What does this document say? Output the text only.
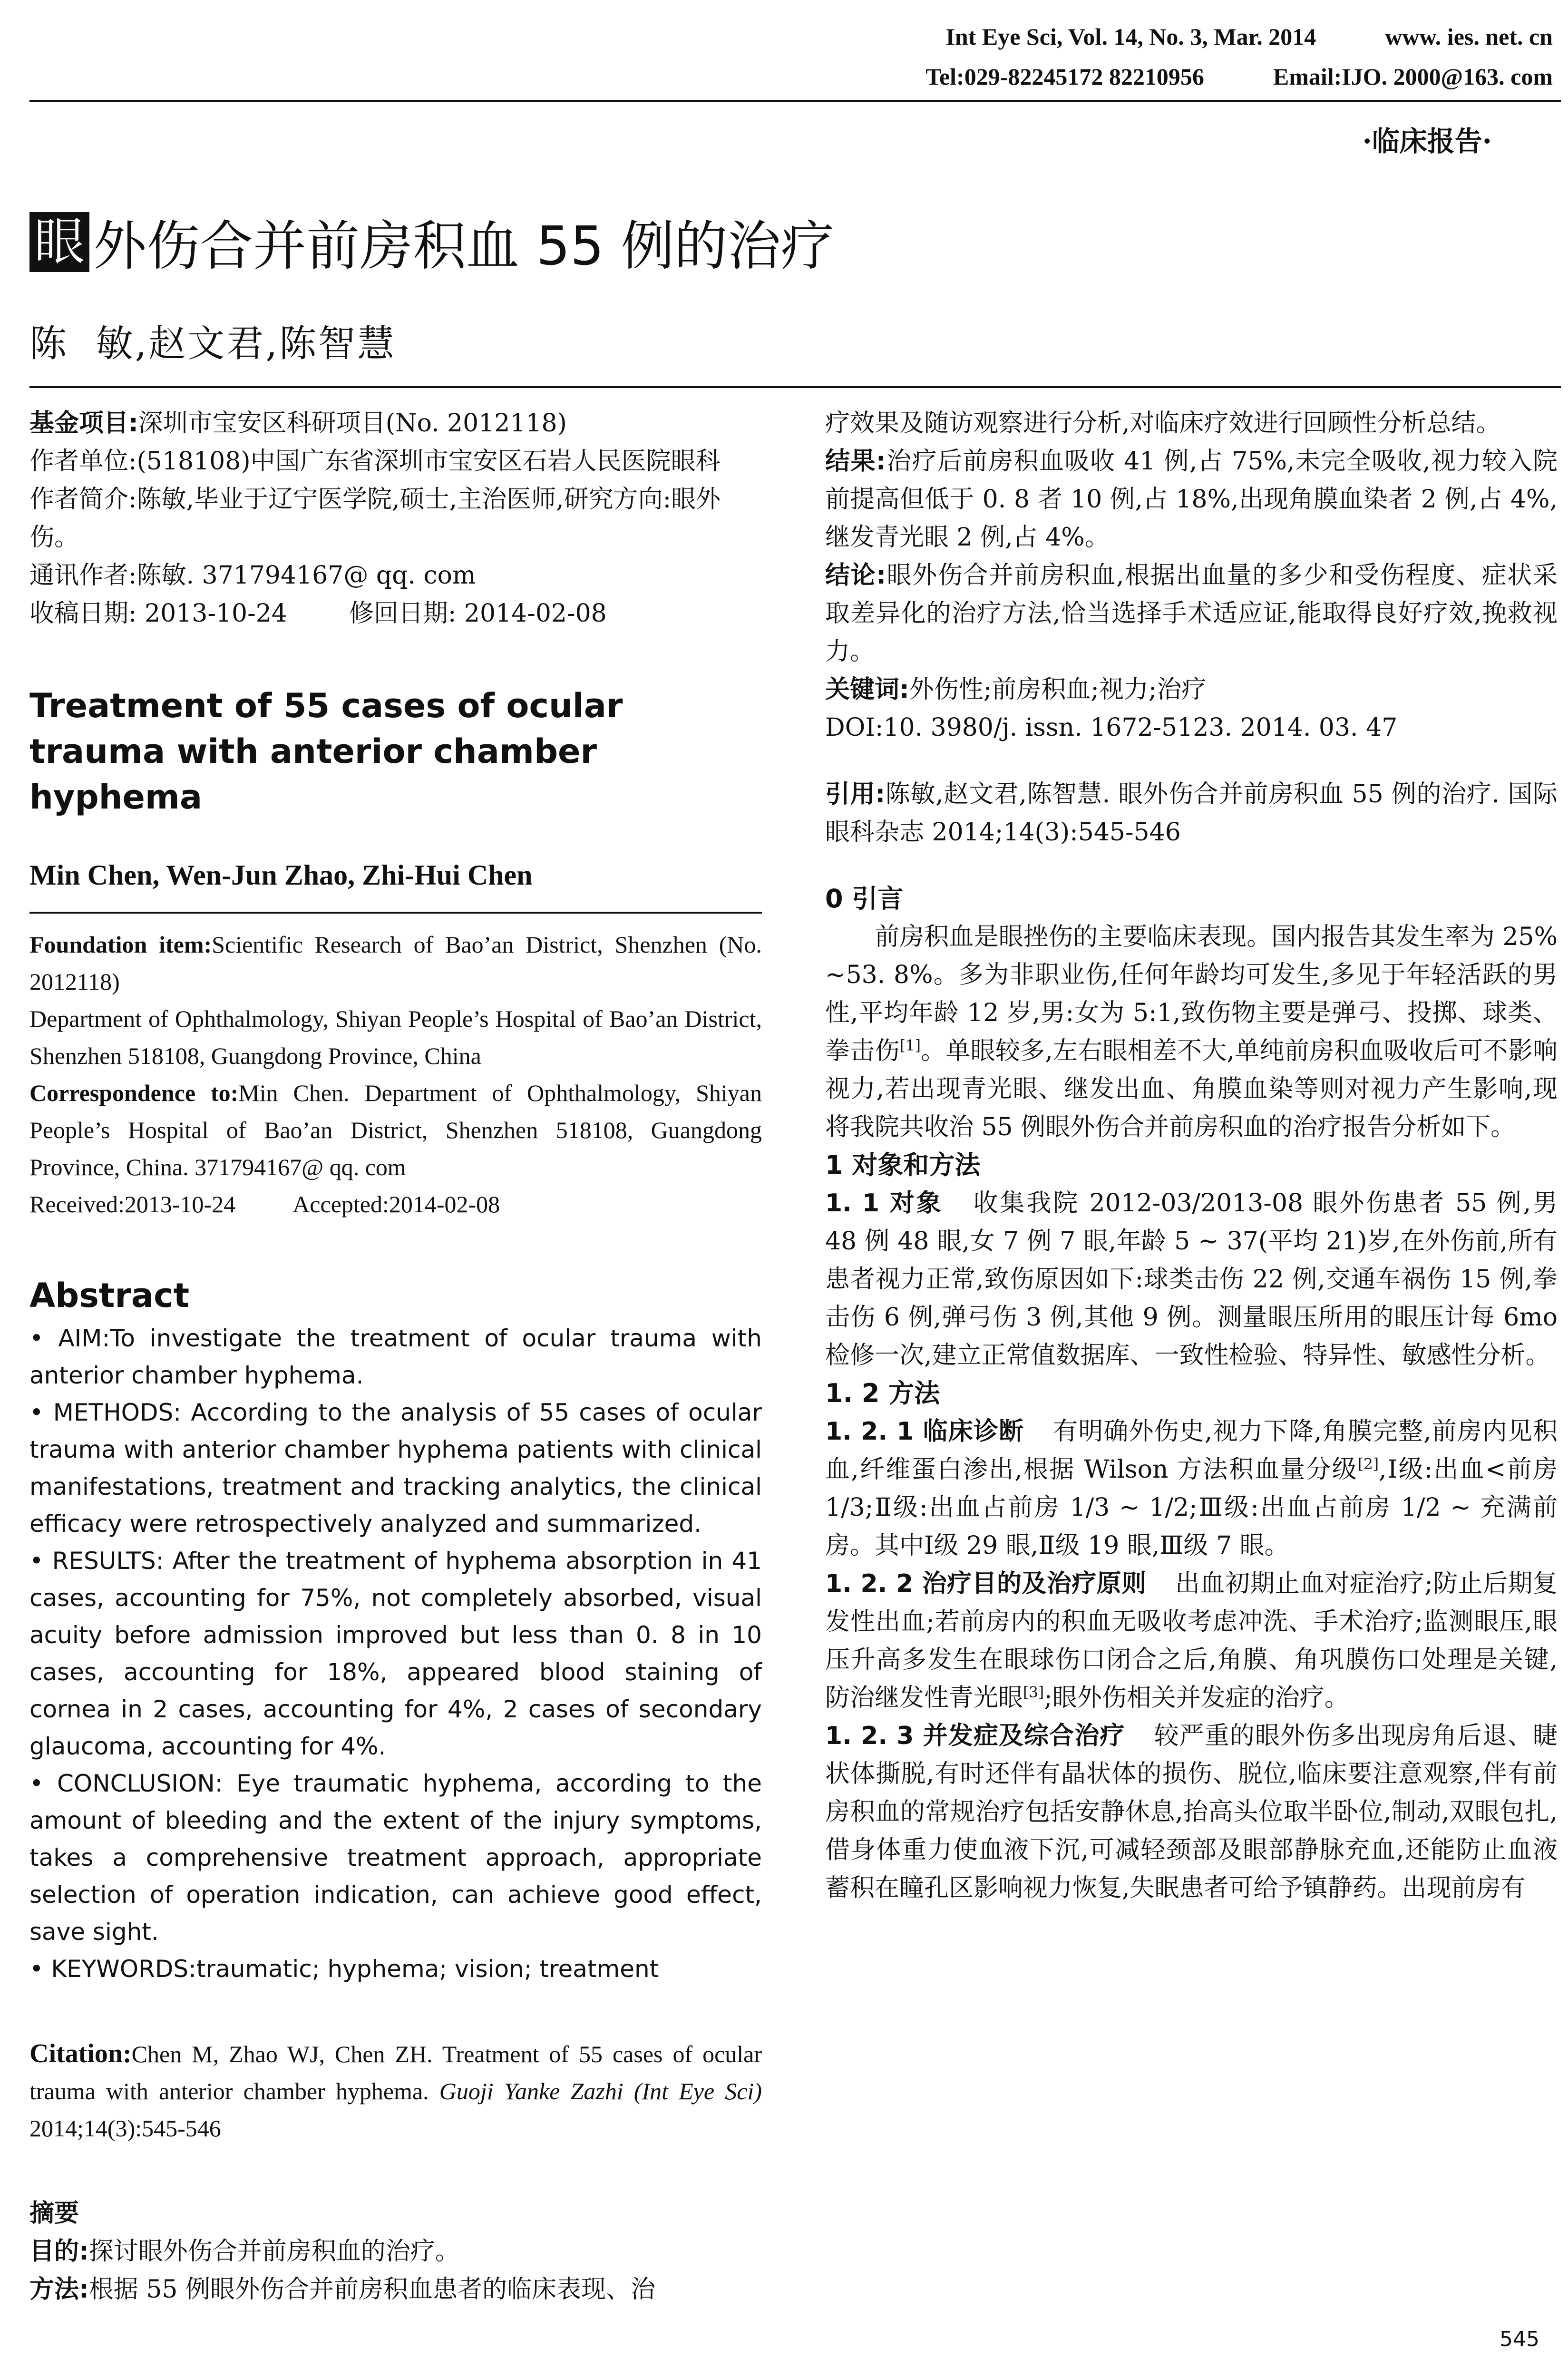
Int Eye Sci, Vol. 14, No. 3, Mar. 2014	www. ies. net. cn
Tel:029-82245172 82210956	Email:IJO. 2000@163. com
·临床报告·
眼 外伤合并前房积血 55 例的治疗
陈  敏,赵文君,陈智慧

基金项目:深圳市宝安区科研项目(No. 2012118)

作者单位:(518108)中国广东省深圳市宝安区石岩人民医院眼科

作者简介:陈敏,毕业于辽宁医学院,硕士,主治医师,研究方向:眼外伤。

通讯作者:陈敏. 371794167@ qq. com

收稿日期: 2013-10-24	修回日期: 2014-02-08

Treatment of 55 cases of ocular trauma with anterior chamber hyphema
Min Chen, Wen-Jun Zhao, Zhi-Hui Chen

Foundation item:Scientific Research of Bao’an District, Shenzhen (No. 2012118)

Department of Ophthalmology, Shiyan People’s Hospital of Bao’an District, Shenzhen 518108, Guangdong Province, China

Correspondence to:Min Chen. Department of Ophthalmology, Shiyan People’s Hospital of Bao’an District, Shenzhen 518108, Guangdong Province, China. 371794167@ qq. com

Received:2013-10-24 Accepted:2014-02-08

Abstract

• AIM:To investigate the treatment of ocular trauma with anterior chamber hyphema.

• METHODS: According to the analysis of 55 cases of ocular trauma with anterior chamber hyphema patients with clinical manifestations, treatment and tracking analytics, the clinical efficacy were retrospectively analyzed and summarized.

• RESULTS: After the treatment of hyphema absorption in 41 cases, accounting for 75%, not completely absorbed, visual acuity before admission improved but less than 0. 8 in 10 cases, accounting for 18%, appeared blood staining of cornea in 2 cases, accounting for 4%, 2 cases of secondary glaucoma, accounting for 4%.

• CONCLUSION: Eye traumatic hyphema, according to the amount of bleeding and the extent of the injury symptoms, takes a comprehensive treatment approach, appropriate selection of operation indication, can achieve good effect, save sight.

• KEYWORDS:traumatic; hyphema; vision; treatment

Citation:Chen M, Zhao WJ, Chen ZH. Treatment of 55 cases of ocular trauma with anterior chamber hyphema. Guoji Yanke Zazhi (Int Eye Sci) 2014;14(3):545-546

摘要

目的:探讨眼外伤合并前房积血的治疗。

方法:根据 55 例眼外伤合并前房积血患者的临床表现、治

疗效果及随访观察进行分析,对临床疗效进行回顾性分析总结。

结果:治疗后前房积血吸收 41 例,占 75%,未完全吸收,视力较入院前提高但低于 0. 8 者 10 例,占 18%,出现角膜血染者 2 例,占 4%,继发青光眼 2 例,占 4%。

结论:眼外伤合并前房积血,根据出血量的多少和受伤程度、症状采取差异化的治疗方法,恰当选择手术适应证,能取得良好疗效,挽救视力。

关键词:外伤性;前房积血;视力;治疗

DOI:10. 3980/j. issn. 1672-5123. 2014. 03. 47

引用:陈敏,赵文君,陈智慧. 眼外伤合并前房积血 55 例的治疗. 国际眼科杂志 2014;14(3):545-546

0 引言

前房积血是眼挫伤的主要临床表现。国内报告其发生率为 25% ~53. 8%。多为非职业伤,任何年龄均可发生,多见于年轻活跃的男性,平均年龄 12 岁,男:女为 5:1,致伤物主要是弹弓、投掷、球类、拳击伤[1]。单眼较多,左右眼相差不大,单纯前房积血吸收后可不影响视力,若出现青光眼、继发出血、角膜血染等则对视力产生影响,现将我院共收治 55 例眼外伤合并前房积血的治疗报告分析如下。

1 对象和方法

1. 1 对象 收集我院 2012-03/2013-08 眼外伤患者 55 例,男 48 例 48 眼,女 7 例 7 眼,年龄 5 ~ 37(平均 21)岁,在外伤前,所有患者视力正常,致伤原因如下:球类击伤 22 例,交通车祸伤 15 例,拳击伤 6 例,弹弓伤 3 例,其他 9 例。测量眼压所用的眼压计每 6mo 检修一次,建立正常值数据库、一致性检验、特异性、敏感性分析。

1. 2 方法

1. 2. 1 临床诊断 有明确外伤史,视力下降,角膜完整,前房内见积血,纤维蛋白渗出,根据 Wilson 方法积血量分级[2],Ⅰ级:出血<前房 1/3;Ⅱ级:出血占前房 1/3 ~ 1/2;Ⅲ级:出血占前房 1/2 ~ 充满前房。其中Ⅰ级 29 眼,Ⅱ级 19 眼,Ⅲ级 7 眼。

1. 2. 2 治疗目的及治疗原则 出血初期止血对症治疗;防止后期复发性出血;若前房内的积血无吸收考虑冲洗、手术治疗;监测眼压,眼压升高多发生在眼球伤口闭合之后,角膜、角巩膜伤口处理是关键,防治继发性青光眼[3];眼外伤相关并发症的治疗。

1. 2. 3 并发症及综合治疗 较严重的眼外伤多出现房角后退、睫状体撕脱,有时还伴有晶状体的损伤、脱位,临床要注意观察,伴有前房积血的常规治疗包括安静休息,抬高头位取半卧位,制动,双眼包扎,借身体重力使血液下沉,可减轻颈部及眼部静脉充血,还能防止血液蓄积在瞳孔区影响视力恢复,失眠患者可给予镇静药。出现前房有

545
